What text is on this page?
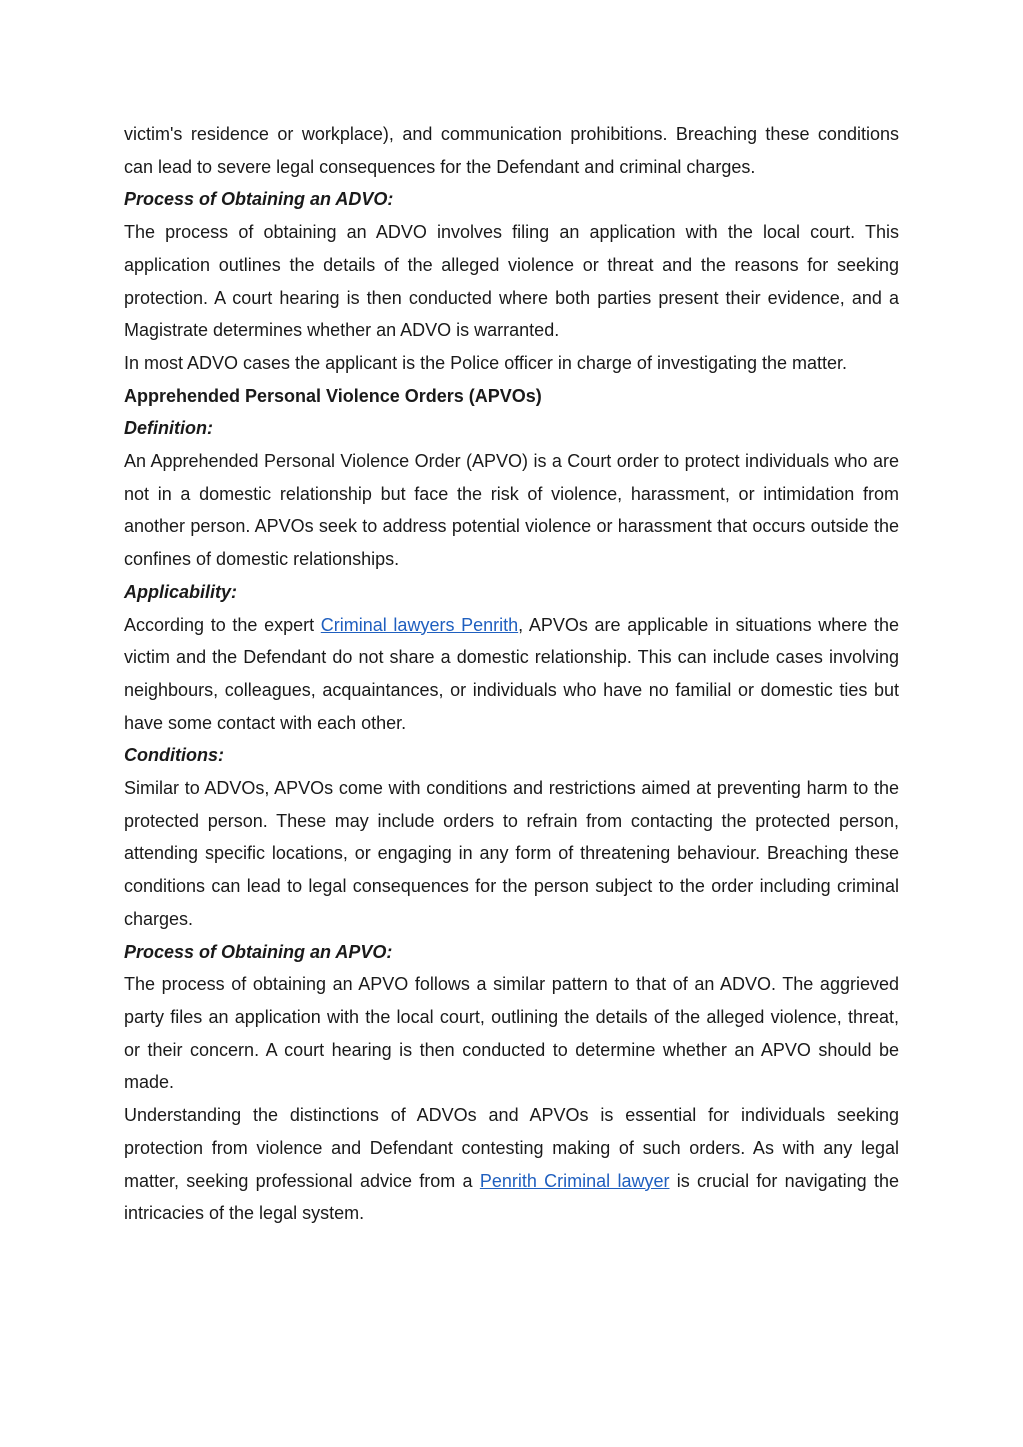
victim's residence or workplace), and communication prohibitions. Breaching these conditions can lead to severe legal consequences for the Defendant and criminal charges.

Process of Obtaining an ADVO:

The process of obtaining an ADVO involves filing an application with the local court. This application outlines the details of the alleged violence or threat and the reasons for seeking protection. A court hearing is then conducted where both parties present their evidence, and a Magistrate determines whether an ADVO is warranted.

In most ADVO cases the applicant is the Police officer in charge of investigating the matter.

Apprehended Personal Violence Orders (APVOs)
Definition:

An Apprehended Personal Violence Order (APVO) is a Court order to protect individuals who are not in a domestic relationship but face the risk of violence, harassment, or intimidation from another person. APVOs seek to address potential violence or harassment that occurs outside the confines of domestic relationships.

Applicability:

According to the expert Criminal lawyers Penrith, APVOs are applicable in situations where the victim and the Defendant do not share a domestic relationship. This can include cases involving neighbours, colleagues, acquaintances, or individuals who have no familial or domestic ties but have some contact with each other.

Conditions:

Similar to ADVOs, APVOs come with conditions and restrictions aimed at preventing harm to the protected person. These may include orders to refrain from contacting the protected person, attending specific locations, or engaging in any form of threatening behaviour. Breaching these conditions can lead to legal consequences for the person subject to the order including criminal charges.

Process of Obtaining an APVO:

The process of obtaining an APVO follows a similar pattern to that of an ADVO. The aggrieved party files an application with the local court, outlining the details of the alleged violence, threat, or their concern. A court hearing is then conducted to determine whether an APVO should be made.

Understanding the distinctions of ADVOs and APVOs is essential for individuals seeking protection from violence and Defendant contesting making of such orders. As with any legal matter, seeking professional advice from a Penrith Criminal lawyer is crucial for navigating the intricacies of the legal system.
